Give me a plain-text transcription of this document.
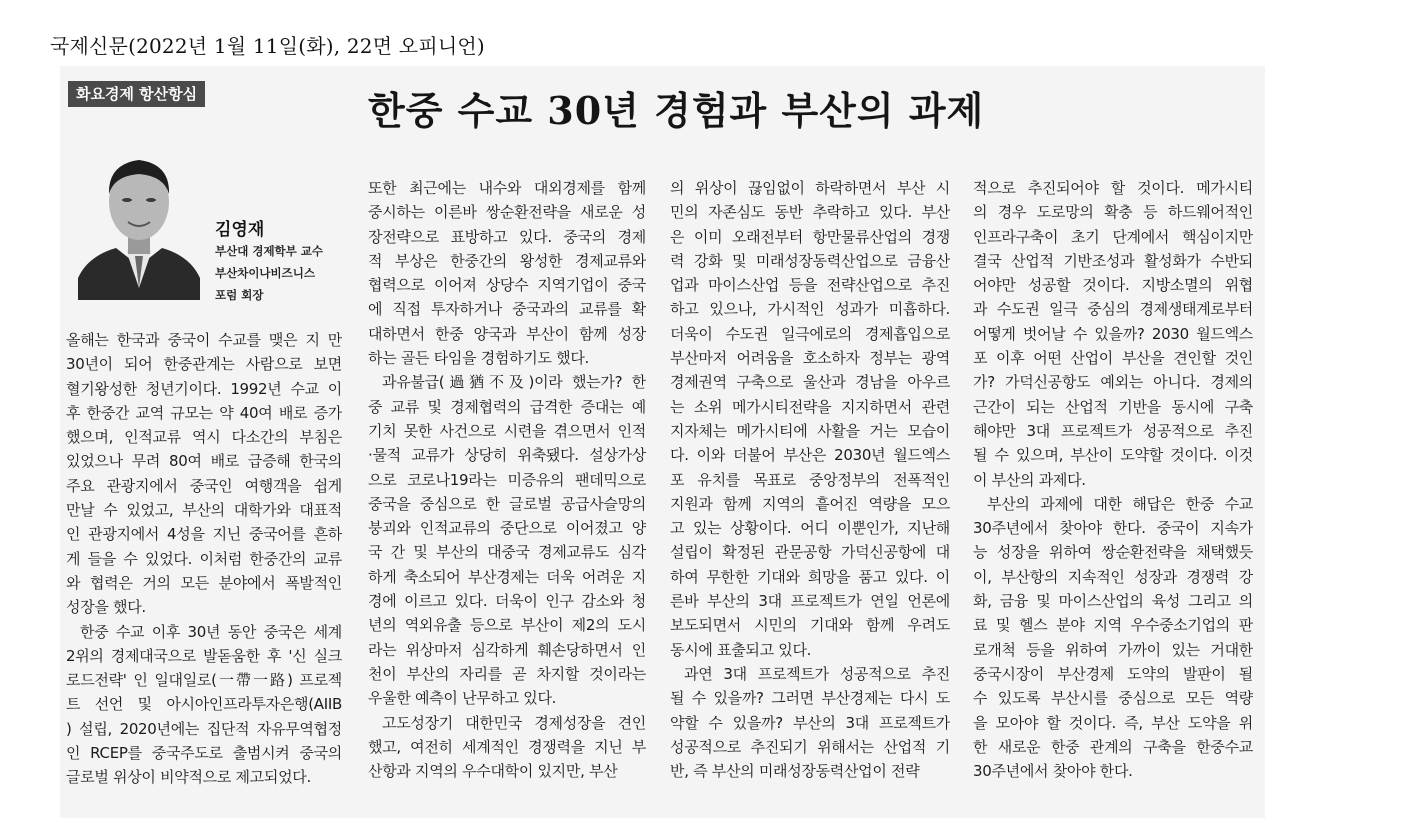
국제신문(2022년 1월 11일(화), 22면 오피니언)
화요경제 항산항심	한중 수교 30년 경험과 부산의 과제
김영재
부산대 경제학부 교수
부산차이나비즈니스
포럼 회장
올해는 한국과 중국이 수교를 맺은 지 만
30년이 되어 한중관계는 사람으로 보면
혈기왕성한 청년기이다. 1992년 수교 이
후 한중간 교역 규모는 약 40여 배로 증가
했으며, 인적교류 역시 다소간의 부침은
있었으나 무려 80여 배로 급증해 한국의
주요 관광지에서 중국인 여행객을 쉽게
만날 수 있었고, 부산의 대학가와 대표적
인 관광지에서 4성을 지닌 중국어를 흔하
게 들을 수 있었다. 이처럼 한중간의 교류
와 협력은 거의 모든 분야에서 폭발적인
성장을 했다.
한중 수교 이후 30년 동안 중국은 세계
2위의 경제대국으로 발돋움한 후 '신 실크
로드전략' 인 일대일로(一帶一路) 프로젝
트 선언 및 아시아인프라투자은행(AIIB
) 설립, 2020년에는 집단적 자유무역협정
인 RCEP를 중국주도로 출범시켜 중국의
글로벌 위상이 비약적으로 제고되었다.
또한 최근에는 내수와 대외경제를 함께
중시하는 이른바 쌍순환전략을 새로운 성
장전략으로 표방하고 있다. 중국의 경제
적 부상은 한중간의 왕성한 경제교류와
협력으로 이어져 상당수 지역기업이 중국
에 직접 투자하거나 중국과의 교류를 확
대하면서 한중 양국과 부산이 함께 성장
하는 골든 타임을 경험하기도 했다.
과유불급(過猶不及)이라 했는가? 한
중 교류 및 경제협력의 급격한 증대는 예
기치 못한 사건으로 시련을 겪으면서 인적
·물적 교류가 상당히 위축됐다. 설상가상
으로 코로나19라는 미증유의 팬데믹으로
중국을 중심으로 한 글로벌 공급사슬망의
붕괴와 인적교류의 중단으로 이어졌고 양
국 간 및 부산의 대중국 경제교류도 심각
하게 축소되어 부산경제는 더욱 어려운 지
경에 이르고 있다. 더욱이 인구 감소와 청
년의 역외유출 등으로 부산이 제2의 도시
라는 위상마저 심각하게 훼손당하면서 인
천이 부산의 자리를 곧 차지할 것이라는
우울한 예측이 난무하고 있다.
고도성장기 대한민국 경제성장을 견인
했고, 여전히 세계적인 경쟁력을 지닌 부
산항과 지역의 우수대학이 있지만, 부산
의 위상이 끊임없이 하락하면서 부산 시
민의 자존심도 동반 추락하고 있다. 부산
은 이미 오래전부터 항만물류산업의 경쟁
력 강화 및 미래성장동력산업으로 금융산
업과 마이스산업 등을 전략산업으로 추진
하고 있으나, 가시적인 성과가 미흡하다.
더욱이 수도권 일극에로의 경제흡입으로
부산마저 어려움을 호소하자 정부는 광역
경제권역 구축으로 울산과 경남을 아우르
는 소위 메가시티전략을 지지하면서 관련
지자체는 메가시티에 사활을 거는 모습이
다. 이와 더불어 부산은 2030년 월드엑스
포 유치를 목표로 중앙정부의 전폭적인
지원과 함께 지역의 흩어진 역량을 모으
고 있는 상황이다. 어디 이뿐인가, 지난해
설립이 확정된 관문공항 가덕신공항에 대
하여 무한한 기대와 희망을 품고 있다. 이
른바 부산의 3대 프로젝트가 연일 언론에
보도되면서 시민의 기대와 함께 우려도
동시에 표출되고 있다.
과연 3대 프로젝트가 성공적으로 추진
될 수 있을까? 그러면 부산경제는 다시 도
약할 수 있을까? 부산의 3대 프로젝트가
성공적으로 추진되기 위해서는 산업적 기
반, 즉 부산의 미래성장동력산업이 전략
적으로 추진되어야 할 것이다. 메가시티
의 경우 도로망의 확충 등 하드웨어적인
인프라구축이 초기 단계에서 핵심이지만
결국 산업적 기반조성과 활성화가 수반되
어야만 성공할 것이다. 지방소멸의 위협
과 수도권 일극 중심의 경제생태계로부터
어떻게 벗어날 수 있을까? 2030 월드엑스
포 이후 어떤 산업이 부산을 견인할 것인
가? 가덕신공항도 예외는 아니다. 경제의
근간이 되는 산업적 기반을 동시에 구축
해야만 3대 프로젝트가 성공적으로 추진
될 수 있으며, 부산이 도약할 것이다. 이것
이 부산의 과제다.
부산의 과제에 대한 해답은 한중 수교
30주년에서 찾아야 한다. 중국이 지속가
능 성장을 위하여 쌍순환전략을 채택했듯
이, 부산항의 지속적인 성장과 경쟁력 강
화, 금융 및 마이스산업의 육성 그리고 의
료 및 헬스 분야 지역 우수중소기업의 판
로개척 등을 위하여 가까이 있는 거대한
중국시장이 부산경제 도약의 발판이 될
수 있도록 부산시를 중심으로 모든 역량
을 모아야 할 것이다. 즉, 부산 도약을 위
한 새로운 한중 관계의 구축을 한중수교
30주년에서 찾아야 한다.
